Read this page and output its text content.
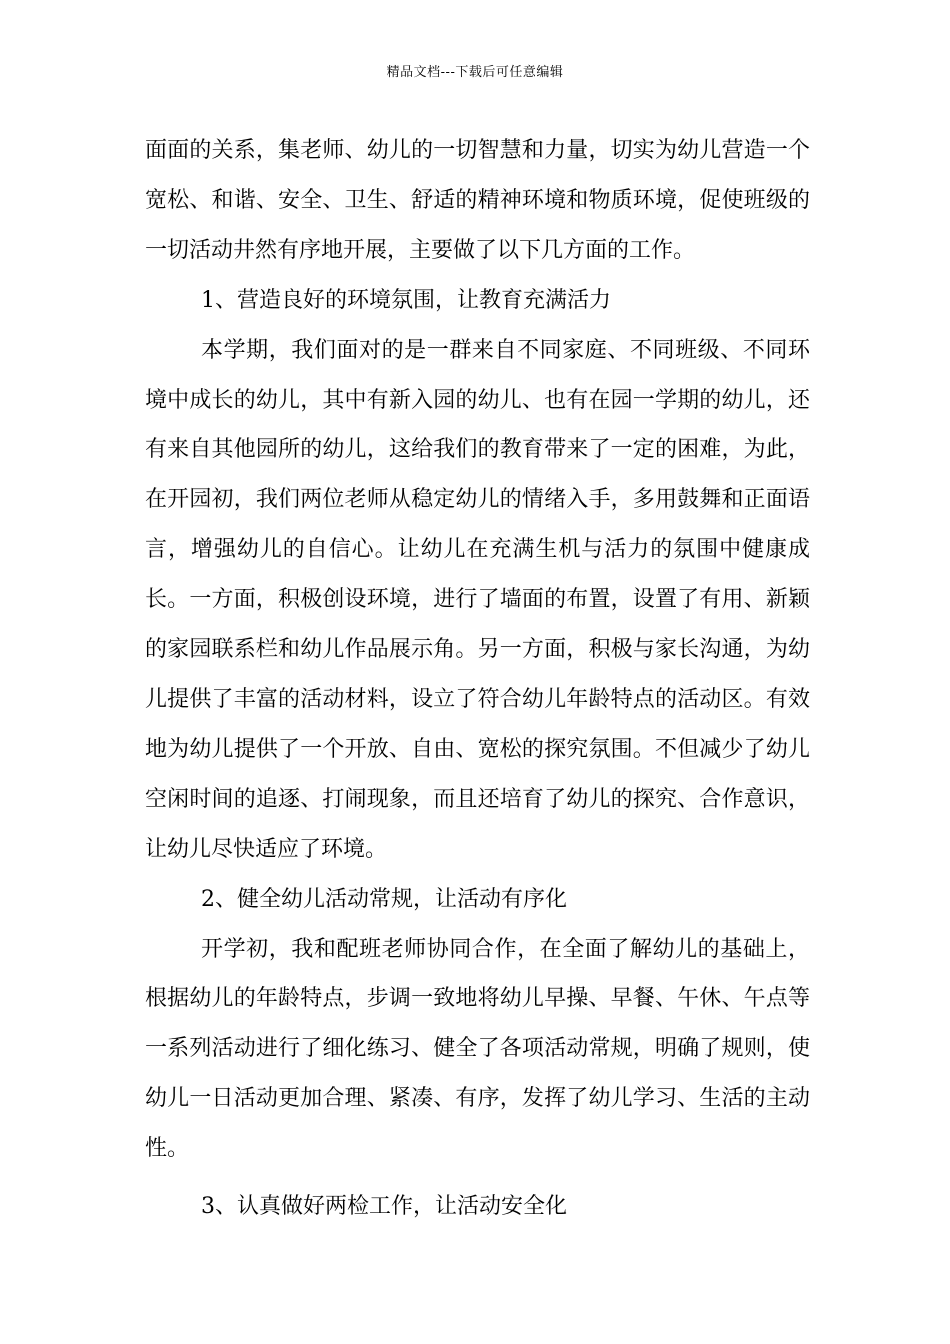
精品文档---下载后可任意编辑

面面的关系，集老师、幼儿的一切智慧和力量，切实为幼儿营造一个宽松、和谐、安全、卫生、舒适的精神环境和物质环境，促使班级的一切活动井然有序地开展，主要做了以下几方面的工作。

1、营造良好的环境氛围，让教育充满活力

本学期，我们面对的是一群来自不同家庭、不同班级、不同环境中成长的幼儿，其中有新入园的幼儿、也有在园一学期的幼儿，还有来自其他园所的幼儿，这给我们的教育带来了一定的困难，为此，在开园初，我们两位老师从稳定幼儿的情绪入手，多用鼓舞和正面语言，增强幼儿的自信心。让幼儿在充满生机与活力的氛围中健康成长。一方面，积极创设环境，进行了墙面的布置，设置了有用、新颖的家园联系栏和幼儿作品展示角。另一方面，积极与家长沟通，为幼儿提供了丰富的活动材料，设立了符合幼儿年龄特点的活动区。有效地为幼儿提供了一个开放、自由、宽松的探究氛围。不但减少了幼儿空闲时间的追逐、打闹现象，而且还培育了幼儿的探究、合作意识，让幼儿尽快适应了环境。

2、健全幼儿活动常规，让活动有序化

开学初，我和配班老师协同合作，在全面了解幼儿的基础上，根据幼儿的年龄特点，步调一致地将幼儿早操、早餐、午休、午点等一系列活动进行了细化练习、健全了各项活动常规，明确了规则，使幼儿一日活动更加合理、紧凑、有序，发挥了幼儿学习、生活的主动性。

3、认真做好两检工作，让活动安全化
